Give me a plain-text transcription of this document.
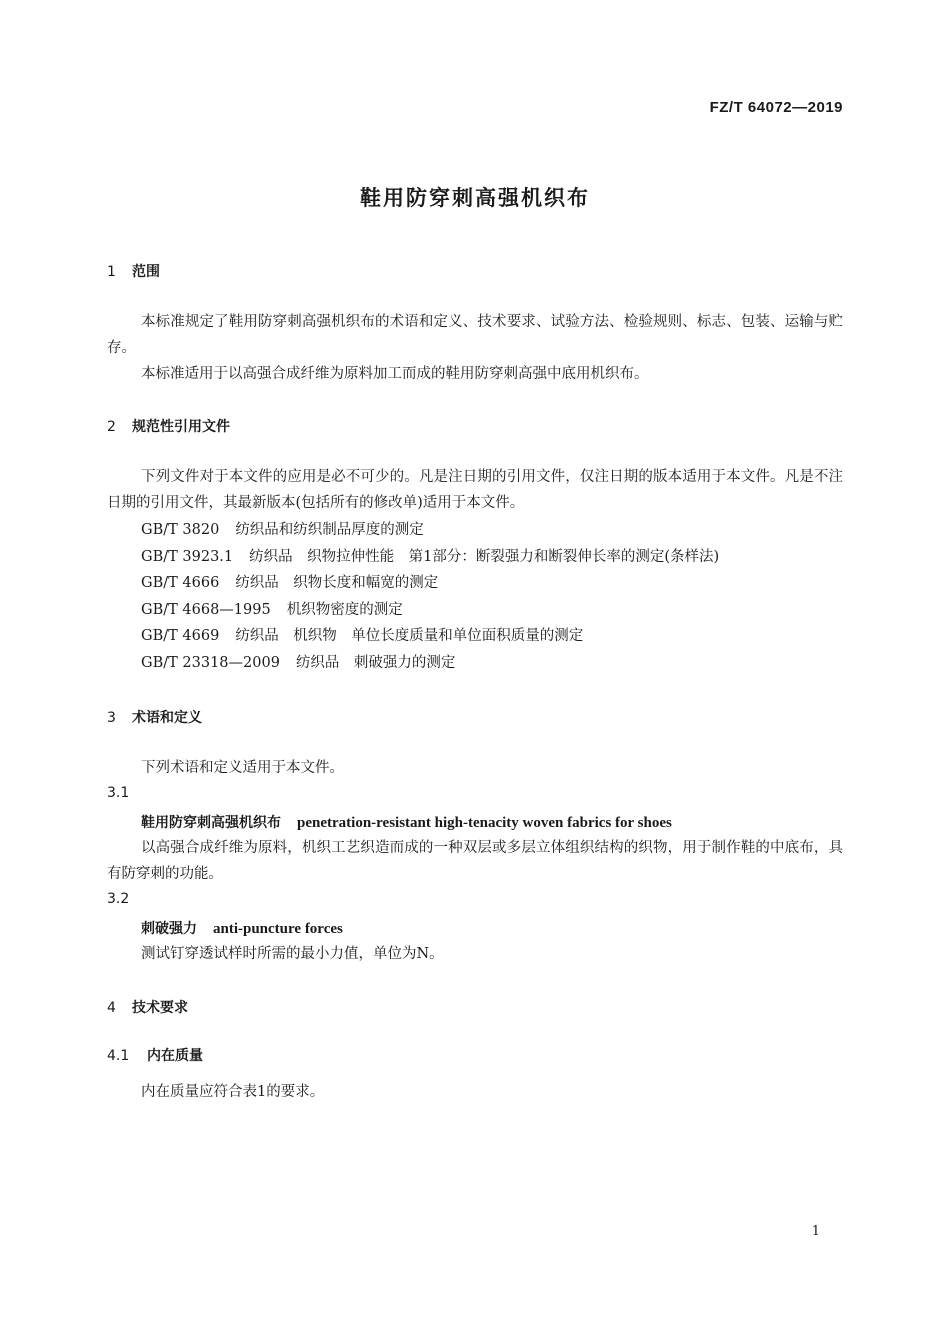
FZ/T 64072—2019
鞋用防穿刺高强机织布
1 范围
本标准规定了鞋用防穿刺高强机织布的术语和定义、技术要求、试验方法、检验规则、标志、包装、运输与贮存。
本标准适用于以高强合成纤维为原料加工而成的鞋用防穿刺高强中底用机织布。
2 规范性引用文件
下列文件对于本文件的应用是必不可少的。凡是注日期的引用文件，仅注日期的版本适用于本文件。凡是不注日期的引用文件，其最新版本(包括所有的修改单)适用于本文件。
GB/T 3820 纺织品和纺织制品厚度的测定
GB/T 3923.1 纺织品　织物拉伸性能　第1部分：断裂强力和断裂伸长率的测定(条样法)
GB/T 4666 纺织品　织物长度和幅宽的测定
GB/T 4668—1995 机织物密度的测定
GB/T 4669 纺织品　机织物　单位长度质量和单位面积质量的测定
GB/T 23318—2009 纺织品　刺破强力的测定
3 术语和定义
下列术语和定义适用于本文件。
3.1
鞋用防穿刺高强机织布 penetration-resistant high-tenacity woven fabrics for shoes
以高强合成纤维为原料，机织工艺织造而成的一种双层或多层立体组织结构的织物，用于制作鞋的中底布，具有防穿刺的功能。
3.2
刺破强力 anti-puncture forces
测试钉穿透试样时所需的最小力值，单位为N。
4 技术要求
4.1 内在质量
内在质量应符合表1的要求。
1
